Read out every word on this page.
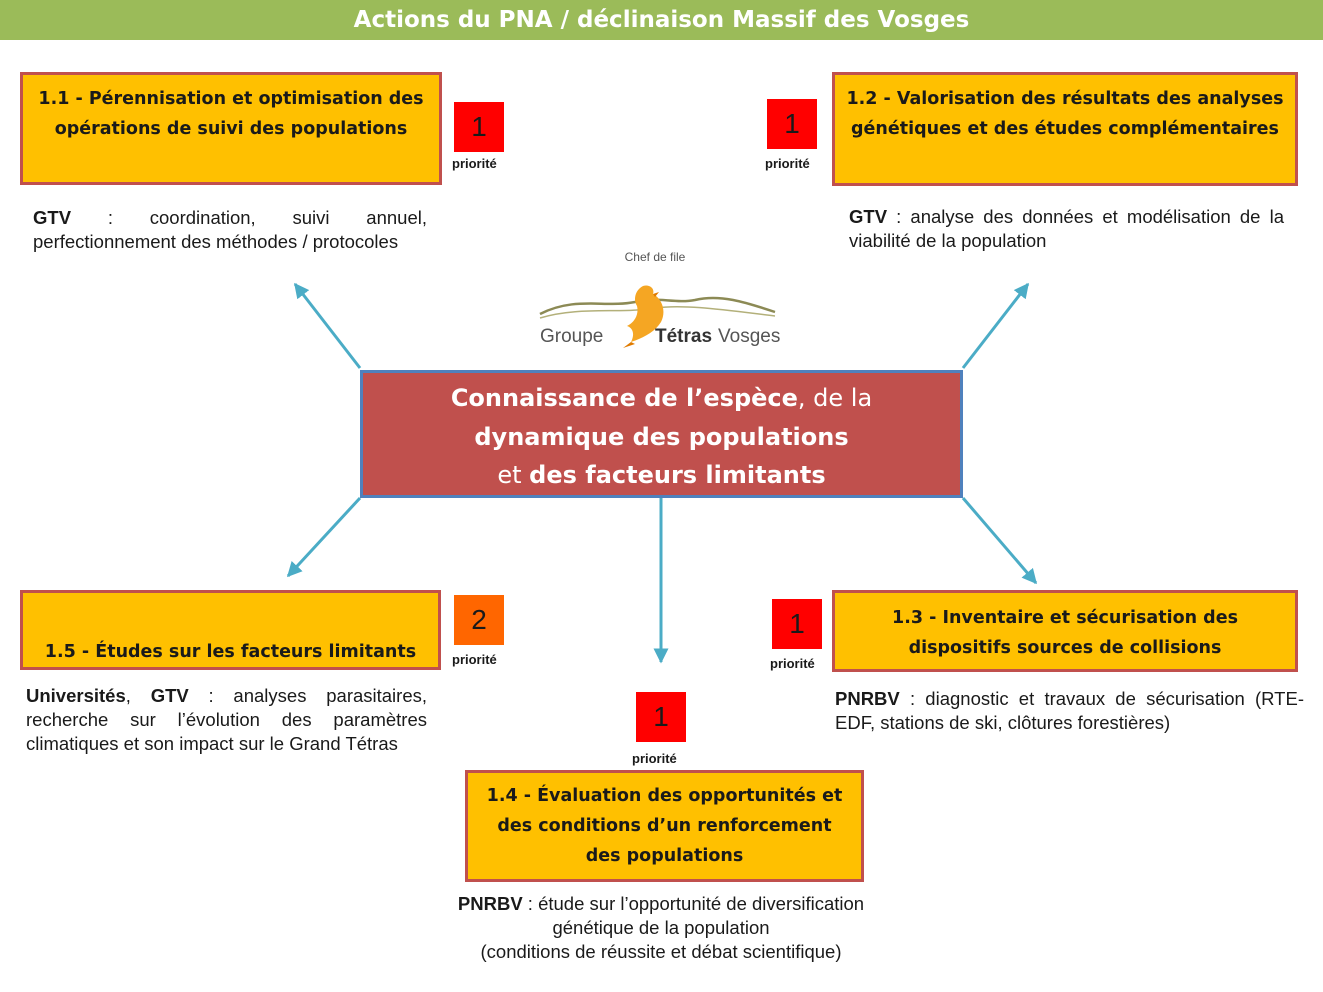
Actions du PNA / déclinaison Massif des Vosges
Chef de file
Groupe	Tétras Vosges
Connaissance de l’espèce, de la
dynamique des populations
et des facteurs limitants
1.1 - Pérennisation et optimisation des opérations de suivi des populations	1
priorité
GTV : coordination, suivi annuel, perfectionnement des méthodes / protocoles
1.2 - Valorisation des résultats des analyses génétiques et des études complémentaires
1
priorité
GTV : analyse des données et modélisation de la viabilité de la population
1.5 - Études sur les facteurs limitants
2
priorité
Universités, GTV : analyses parasitaires, recherche sur l’évolution des paramètres climatiques et son impact sur le Grand Tétras
1.3 - Inventaire et sécurisation des dispositifs sources de collisions
1
priorité
PNRBV : diagnostic et travaux de sécurisation (RTE- EDF, stations de ski, clôtures forestières)
1
priorité
1.4 - Évaluation des opportunités et des conditions d’un renforcement des populations
PNRBV : étude sur l’opportunité de diversification génétique de la population
(conditions de réussite et débat scientifique)
